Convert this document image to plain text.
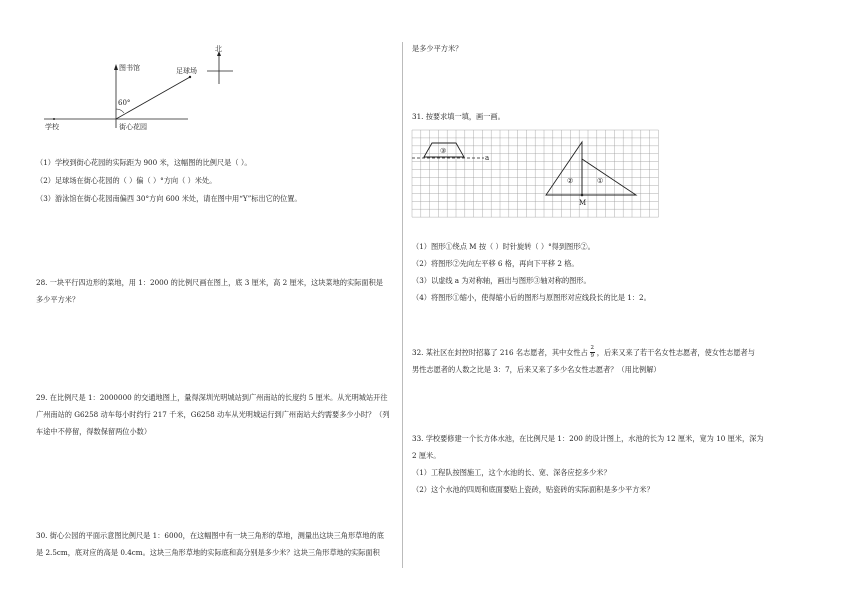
北
图书馆	足球场
60°
学校	街心花园
（1）学校到街心花园的实际距为 900 米，这幅图的比例尺是（ ）。
（2）足球场在街心花园的（ ）偏（ ）°方向（ ）米处。
（3）游泳馆在街心花园南偏西 30°方向 600 米处，请在图中用“Y”标出它的位置。
28. 一块平行四边形的菜地，用 1：2000 的比例尺画在图上，底 3 厘米，高 2 厘米，这块菜地的实际面积是
多少平方米？
29. 在比例尺是 1：2000000 的交通地图上，量得深圳光明城站到广州南站的长度约 5 厘米。从光明城站开往
广州南站的 G6258 动车每小时约行 217 千米，G6258 动车从光明城运行到广州南站大约需要多少小时？（列
车途中不停留，得数保留两位小数）
30. 街心公园的平面示意图比例尺是 1：6000，在这幅图中有一块三角形的草地，测量出这块三角形草地的底
是 2.5cm，底对应的高是 0.4cm。这块三角形草地的实际底和高分别是多少米？这块三角形草地的实际面积
是多少平方米？
31. 按要求填一填，画一画。
a
③
②	①
M
（1）图形①绕点 M 按（ ）时针旋转（ ）°得到图形②。
（2）将图形②先向左平移 6 格，再向下平移 2 格。
（3）以虚线 a 为对称轴，画出与图形③轴对称的图形。
（4）将图形①缩小，使得缩小后的图形与原图形对应线段长的比是 1：2。
32. 某社区在封控时招募了 216 名志愿者，其中女性占 $\frac{2}{9}$ ，后来又来了若干名女性志愿者，使女性志愿者与
男性志愿者的人数之比是 3：7，后来又来了多少名女性志愿者？（用比例解）
33. 学校要修建一个长方体水池，在比例尺是 1：200 的设计图上，水池的长为 12 厘米，宽为 10 厘米，深为
2 厘米。
（1）工程队按图施工，这个水池的长、宽、深各应挖多少米？
（2）这个水池的四周和底面要贴上瓷砖，贴瓷砖的实际面积是多少平方米？
